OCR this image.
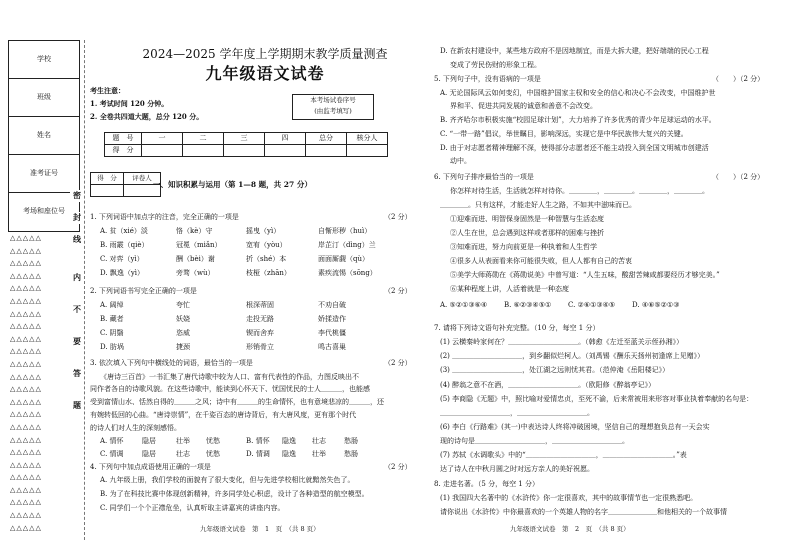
学校
班级
姓名
准考证号
考场和座位号
密
封
线
内
不
要
答
题
△△△△△
△△△△△
△△△△△
△△△△△
△△△△△
△△△△△
△△△△△
△△△△△
△△△△△
△△△△△
△△△△△
△△△△△
△△△△△
△△△△△
△△△△△
△△△△△
△△△△△
△△△△△
△△△△△
△△△△△
△△△△△
△△△△△
△△△△△
△△△△△
2024—2025 学年度上学期期末教学质量测查
九年级语文试卷
考生注意：
1. 考试时间 120 分钟。
2. 全卷共四道大题，总分 120 分。
本考场试卷序号
(由监考填写)
题　号	一	二	三	四	总分	核分人
得　分						
得　分	评卷人

一、知识积累与运用（第 1—8 题，共 27 分）
1. 下列词语中加点字的注音，完全正确的一项是	（2 分）
2. 下列词语书写完全正确的一项是	（2 分）
3. 依次填入下列句中横线处的词语，最恰当的一项是	（2 分）
《唐诗三百首》一书汇集了唐代诗歌中较为人口、富有代表性的作品，力图反映出不
同作者各自的诗歌风貌。在这些诗歌中，能读到心怀天下、忧国忧民的士人＿＿＿，也能感
受到富情山水、恬然自得的＿＿＿之风；诗中有＿＿＿的生命情怀，也有意境悲凉的＿＿＿，还
有婉转低回的心曲。“唐诗崇情”，在千姿百态的唐诗背后，有大唐风度，更有那个时代
的诗人们对人生的深刻感悟。
4. 下列句中加点成语使用正确的一项是	（2 分）
A. 九年级上册，我们学校的面貌有了很大变化，但与先进学校相比就黯然失色了。
B. 为了在科技比赛中体现创新精神，许多同学处心积虑，设计了各种造型的航空模型。
C. 同学们一个个正襟危坐，认真听取主讲嘉宾的讲座内容。
九年级语文试卷　第　1　页　（共 8 页）
D. 在新农村建设中，某些地方政府不是因地制宜，而是大拆大建，把好端端的民心工程
变成了劳民伤财的形象工程。
5. 下列句子中，没有语病的一项是	（　　）（2 分）
A. 无论国际风云如何变幻，中国维护国家主权和安全的信心和决心不会改变，中国维护世
界和平、促进共同发展的诚意和善意不会改变。
B. 齐齐哈尔市积极实施“校园足球计划”，大力培养了许多优秀的青少年足球运动的水平。
C. “一带一路”倡议，举世瞩目，影响深远，实现它是中华民族伟大复兴的关键。
D. 由于对志愿者精神理解不深，使得部分志愿者还不能主动投入到全国文明城市创建活
动中。
6. 下列句子排序最恰当的一项是	（　　）（2 分）
你怎样对待生活，生活就怎样对待你。＿＿＿＿，＿＿＿＿。＿＿＿＿，＿＿＿＿。
＿＿＿＿。只有这样，才能走好人生之路，不如其中滋味而已。
7. 请将下列诗文语句补充完整。（10 分，每空 1 分）
(1) 云横秦岭家何在？＿＿＿＿＿＿＿＿＿＿。（韩愈《左迁至蓝关示侄孙湘》）
(2) ＿＿＿＿＿＿＿＿＿＿，到乡翻似烂柯人。（刘禹锡《酬乐天扬州初逢席上见赠》）
(3) ＿＿＿＿＿＿＿＿＿＿，处江湖之远则忧其君。（范仲淹《岳阳楼记》）
(4) 醉翁之意不在酒，＿＿＿＿＿＿＿＿＿＿。（欧阳修《醉翁亭记》）
(5) 李商隐《无题》中，照比喻对爱情忠贞，至死不渝，后来常被用来形容对事业执着奉献的名句是：
＿＿＿＿＿＿＿＿＿＿，＿＿＿＿＿＿＿＿＿＿。
(6) 李白《行路难》(其一)中表达诗人终将冲破困境，坚信自己的理想抱负总有一天会实
现的诗句是＿＿＿＿＿＿＿＿＿＿，＿＿＿＿＿＿＿＿＿＿。
(7) 苏轼《水调歌头》中的“＿＿＿＿＿＿＿＿＿＿，＿＿＿＿＿＿＿＿＿＿。”表
达了诗人在中秋月圆之时对远方亲人的美好祝愿。
8. 走进名著。（5 分，每空 1 分）
(1) 我国四大名著中的《水浒传》你一定很喜欢，其中的故事情节也一定很熟悉吧。
请你说出《水浒传》中你最喜欢的一个英雄人物的名字＿＿＿＿＿＿＿和他相关的一个故事情
九年级语文试卷　第　2　页　（共 8 页）
A. 贫（xié）淡	恪（kè）守	摇曳（yì）	自惭形秽（huì）
B. 雨霰（qiè）	冠冕（miǎn）	宽宥（yòu）	岸芷汀（dìng）兰
C. 对弈（yì）	酬（bèi）谢	折（shé）本	面面厮觑（qù）
D. 飘逸（yì）	旁骛（wù）	枝桠（zhān）	素疾流惕（sōng）
A. 阔绰	夸忙	根深蒂固	不劝自破
B. 藏者	妖娆	走投无路	娇揉造作
C. 阴翳	恣威	锲而舍弃	李代桃僵
D. 肪埚	捷颈	形销骨立	鸣古喜巢
A. 情怀	隐居	壮举 忧愁	B. 情怀 隐逸 壮志	愁肠
C. 情调	隐居	壮志 忧愁	D. 情调 隐逸 壮举	愁肠
①迎难而进、明智保身固然是一种智慧与生活态度
②人生在世，总会遇到这样或者那样的困难与挫折
③知难而进，努力向前更是一种执着和人生哲学
④很多人从表面看来你可能很失败，但人人都有自己的苦衷
⑤美学大师蒋勋在《蒋勋说美》中曾写道：“人生五味，酸甜苦辣咸都要经历才够完美。”
⑥某种程度上讲，人活着就是一种态度
A. ⑤②①③⑥④ B. ⑥②③④⑤① C. ②⑥①③④⑤ D. ④⑥⑤②①③
